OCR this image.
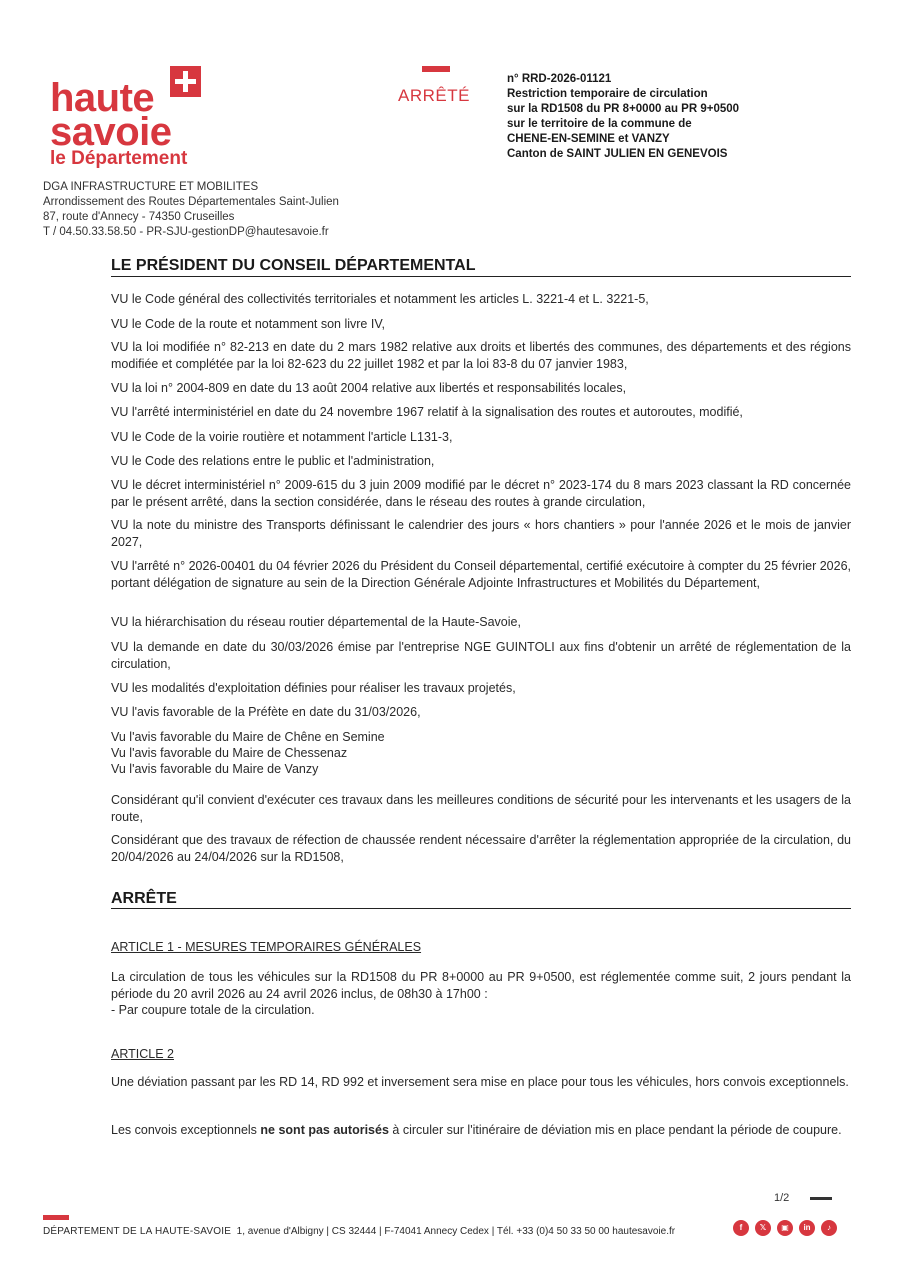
haute
savoie
le Département
ARRÊTÉ
n° RRD-2026-01121
Restriction temporaire de circulation
sur la RD1508 du PR 8+0000 au PR 9+0500
sur le territoire de la commune de
CHENE-EN-SEMINE et VANZY
Canton de SAINT JULIEN EN GENEVOIS
DGA INFRASTRUCTURE ET MOBILITES
Arrondissement des Routes Départementales Saint-Julien
87, route d'Annecy - 74350 Cruseilles
T / 04.50.33.58.50 - PR-SJU-gestionDP@hautesavoie.fr
LE PRÉSIDENT DU CONSEIL DÉPARTEMENTAL
VU le Code général des collectivités territoriales et notamment les articles L. 3221-4 et L. 3221-5,
VU le Code de la route et notamment son livre IV,
VU la loi modifiée n° 82-213 en date du 2 mars 1982 relative aux droits et libertés des communes, des départements et des régions modifiée et complétée par la loi 82-623 du 22 juillet 1982 et par la loi 83-8 du 07 janvier 1983,
VU la loi n° 2004-809 en date du 13 août 2004 relative aux libertés et responsabilités locales,
VU l'arrêté interministériel en date du 24 novembre 1967 relatif à la signalisation des routes et autoroutes, modifié,
VU le Code de la voirie routière et notamment l'article L131-3,
VU le Code des relations entre le public et l'administration,
VU le décret interministériel n° 2009-615 du 3 juin 2009 modifié par le décret n° 2023-174 du 8 mars 2023 classant la RD concernée par le présent arrêté, dans la section considérée, dans le réseau des routes à grande circulation,
VU la note du ministre des Transports définissant le calendrier des jours « hors chantiers » pour l'année 2026 et le mois de janvier 2027,
VU l'arrêté n° 2026-00401 du 04 février 2026 du Président du Conseil départemental, certifié exécutoire à compter du 25 février 2026, portant délégation de signature au sein de la Direction Générale Adjointe Infrastructures et Mobilités du Département,
VU la hiérarchisation du réseau routier départemental de la Haute-Savoie,
VU la demande en date du 30/03/2026 émise par l'entreprise NGE GUINTOLI aux fins d'obtenir un arrêté de réglementation de la circulation,
VU les modalités d'exploitation définies pour réaliser les travaux projetés,
VU l'avis favorable de la Préfète en date du 31/03/2026,
Vu l'avis favorable du Maire de Chêne en Semine
Vu l'avis favorable du Maire de Chessenaz
Vu l'avis favorable du Maire de Vanzy
Considérant qu'il convient d'exécuter ces travaux dans les meilleures conditions de sécurité pour les intervenants et les usagers de la route,
Considérant que des travaux de réfection de chaussée rendent nécessaire d'arrêter la réglementation appropriée de la circulation, du 20/04/2026 au 24/04/2026 sur la RD1508,
ARRÊTE
ARTICLE 1 - MESURES TEMPORAIRES GÉNÉRALES
La circulation de tous les véhicules sur la RD1508 du PR 8+0000 au PR 9+0500, est réglementée comme suit, 2 jours pendant la période du 20 avril 2026 au 24 avril 2026 inclus, de 08h30 à 17h00 :
- Par coupure totale de la circulation.
ARTICLE 2
Une déviation passant par les RD 14, RD 992 et inversement sera mise en place pour tous les véhicules, hors convois exceptionnels.
Les convois exceptionnels ne sont pas autorisés à circuler sur l'itinéraire de déviation mis en place pendant la période de coupure.
1/2
DÉPARTEMENT DE LA HAUTE-SAVOIE 1, avenue d'Albigny | CS 32444 | F-74041 Annecy Cedex | Tél. +33 (0)4 50 33 50 00 hautesavoie.fr	f	𝕏	▣	in	♪
